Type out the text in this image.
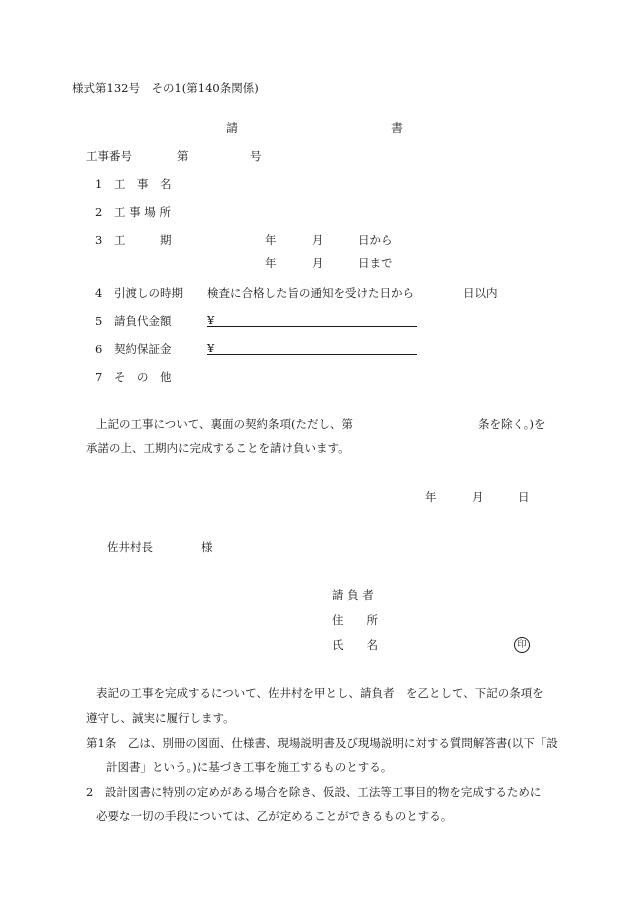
様式第132号　その1(第140条関係)
請	書
工事番号	第	号
1 工　事　名
2 工 事 場 所
3 工	期	年	月	日から
年	月	日まで
4 引渡しの時期 検査に合格した旨の通知を受けた日から	日以内
5 請負代金額	¥
6 契約保証金	¥
7 そ　の　他
上記の工事について、裏面の契約条項(ただし、第	条を除く。)を
承諾の上、工期内に完成することを請け負います。
年	月	日
佐井村長	様
請 負 者
住　　所
氏　　名	印
表記の工事を完成するについて、佐井村を甲とし、請負者　を乙として、下記の条項を
遵守し、誠実に履行します。
第1条　乙は、別冊の図面、仕様書、現場説明書及び現場説明に対する質問解答書(以下「設
計図書」という。)に基づき工事を施工するものとする。
2　設計図書に特別の定めがある場合を除き、仮設、工法等工事目的物を完成するために
必要な一切の手段については、乙が定めることができるものとする。
